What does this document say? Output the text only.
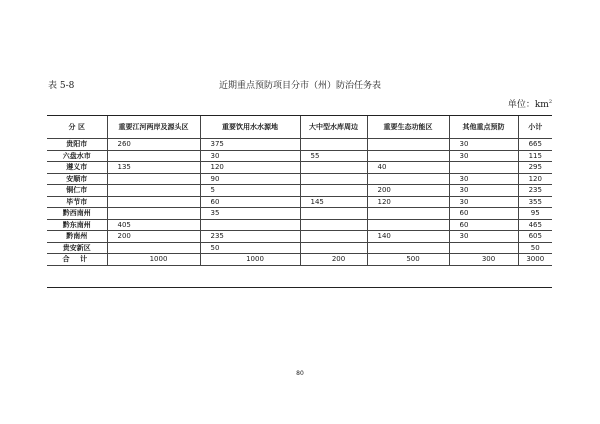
表 5-8	近期重点预防项目分市（州）防治任务表
单位：$km^2$
分 区	重要江河两岸及源头区	重要饮用水水源地	大中型水库周边	重要生态功能区	其他重点预防	小计
贵阳市	260	375			30	665
六盘水市		30	55		30	115
遵义市	135	120		40		295
安顺市		90			30	120
铜仁市		5		200	30	235
毕节市		60	145	120	30	355
黔西南州		35			60	95
黔东南州	405				60	465
黔南州	200	235		140	30	605
贵安新区		50				50
合 计	1000	1000	200	500	300	3000
80
